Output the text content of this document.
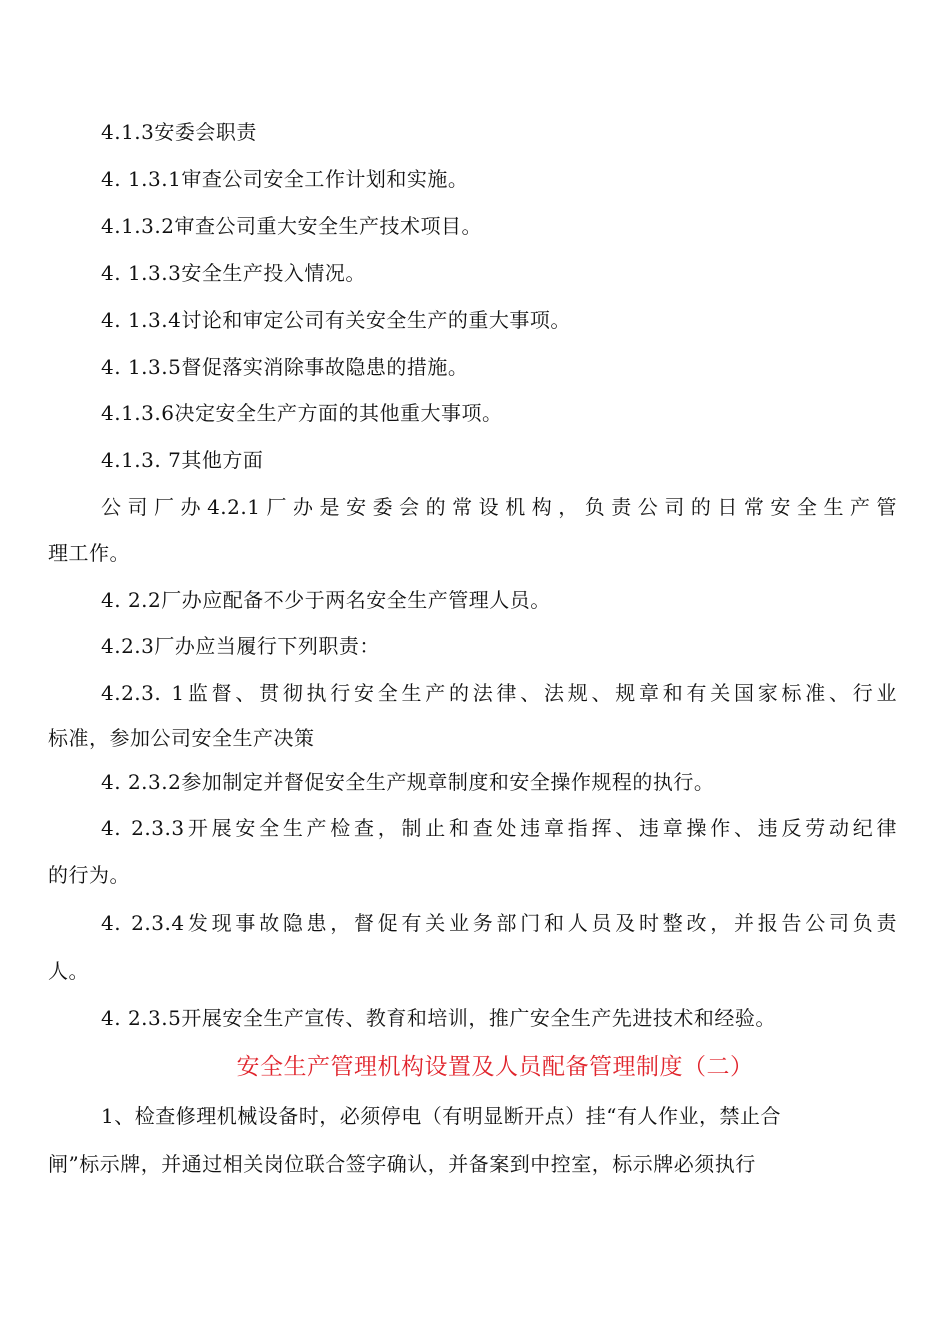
4.1.3安委会职责
4. 1.3.1审查公司安全工作计划和实施。
4.1.3.2审查公司重大安全生产技术项目。
4. 1.3.3安全生产投入情况。
4. 1.3.4讨论和审定公司有关安全生产的重大事项。
4. 1.3.5督促落实消除事故隐患的措施。
4.1.3.6决定安全生产方面的其他重大事项。
4.1.3. 7其他方面
公司厂办4.2.1厂办是安委会的常设机构，负责公司的日常安全生产管
理工作。
4. 2.2厂办应配备不少于两名安全生产管理人员。
4.2.3厂办应当履行下列职责：
4.2.3. 1监督、贯彻执行安全生产的法律、法规、规章和有关国家标准、行业
标准，参加公司安全生产决策
4. 2.3.2参加制定并督促安全生产规章制度和安全操作规程的执行。
4. 2.3.3开展安全生产检查，制止和查处违章指挥、违章操作、违反劳动纪律
的行为。
4. 2.3.4发现事故隐患，督促有关业务部门和人员及时整改，并报告公司负责
人。
4. 2.3.5开展安全生产宣传、教育和培训，推广安全生产先进技术和经验。
安全生产管理机构设置及人员配备管理制度（二）
1、检查修理机械设备时，必须停电（有明显断开点）挂“有人作业，禁止合
闸”标示牌，并通过相关岗位联合签字确认，并备案到中控室，标示牌必须执行
